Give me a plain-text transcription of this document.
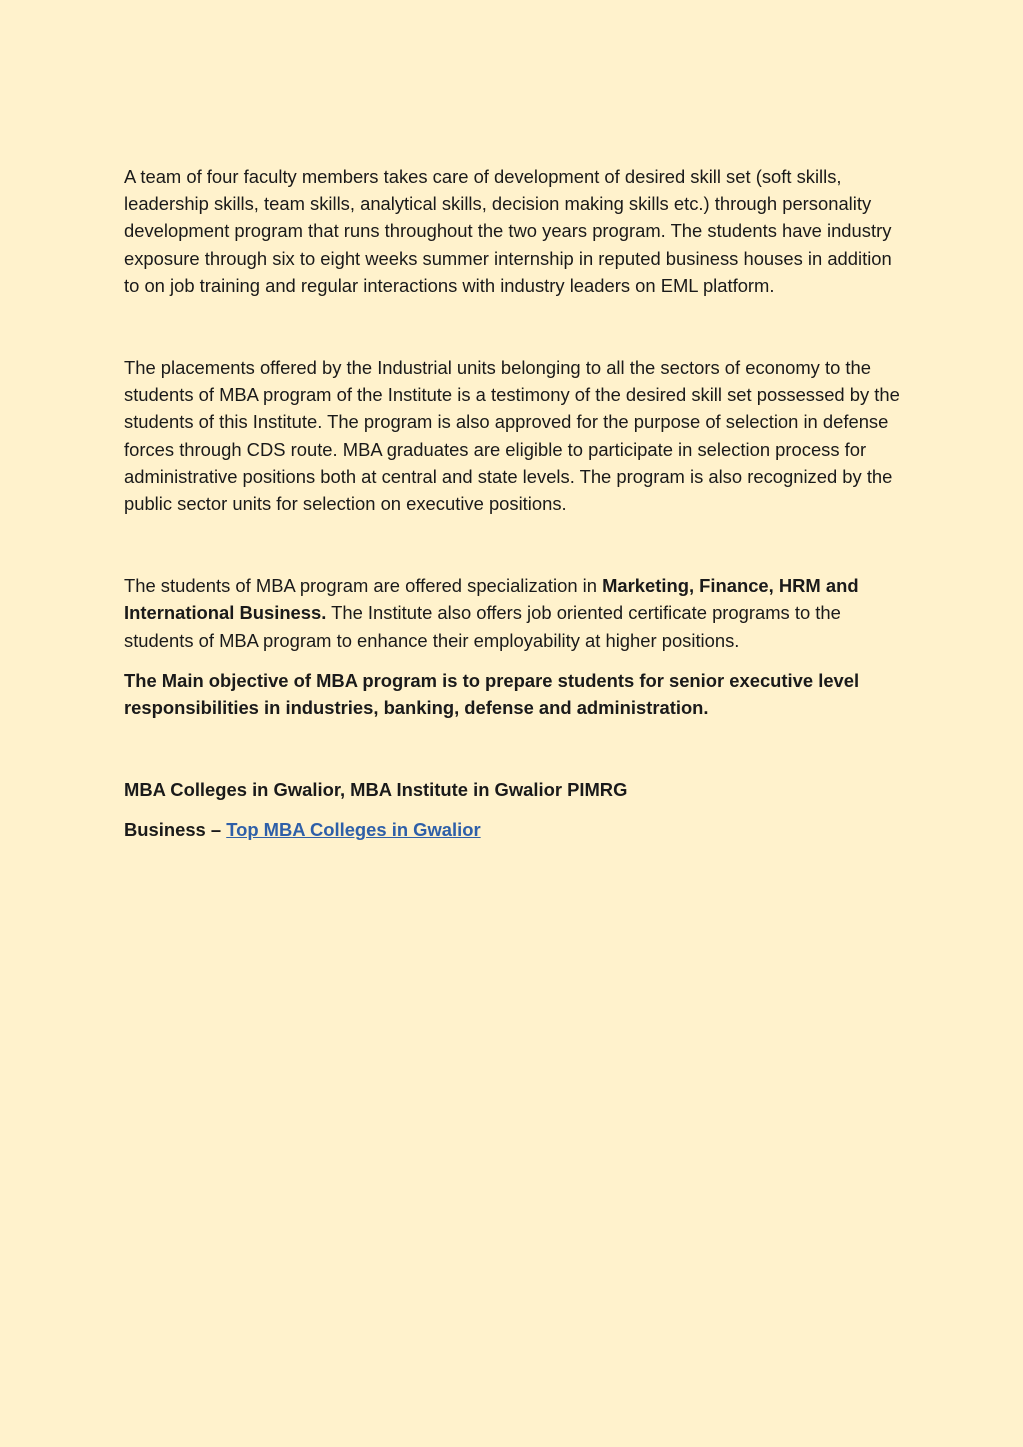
A team of four faculty members takes care of development of desired skill set (soft skills, leadership skills, team skills, analytical skills, decision making skills etc.) through personality development program that runs throughout the two years program. The students have industry exposure through six to eight weeks summer internship in reputed business houses in addition to on job training and regular interactions with industry leaders on EML platform.

The placements offered by the Industrial units belonging to all the sectors of economy to the students of MBA program of the Institute is a testimony of the desired skill set possessed by the students of this Institute. The program is also approved for the purpose of selection in defense forces through CDS route. MBA graduates are eligible to participate in selection process for administrative positions both at central and state levels. The program is also recognized by the public sector units for selection on executive positions.

The students of MBA program are offered specialization in Marketing, Finance, HRM and International Business. The Institute also offers job oriented certificate programs to the students of MBA program to enhance their employability at higher positions.

The Main objective of MBA program is to prepare students for senior executive level responsibilities in industries, banking, defense and administration.

MBA Colleges in Gwalior, MBA Institute in Gwalior PIMRG

Business – Top MBA Colleges in Gwalior
